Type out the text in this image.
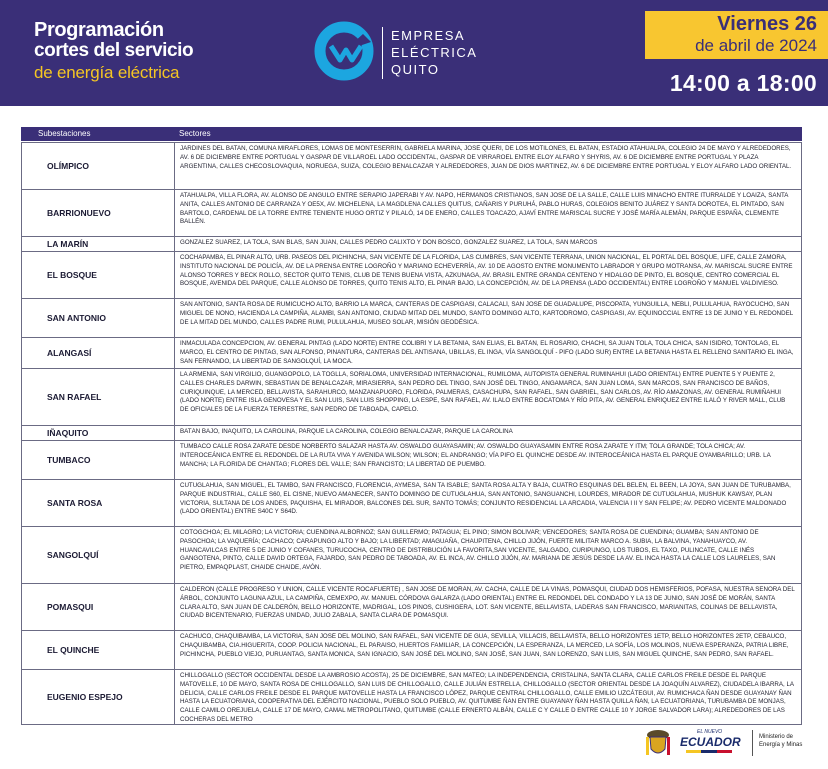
Programación
cortes del servicio
de energía eléctrica
EMPRESA
ELÉCTRICA
QUITO
Viernes 26
de abril de 2024
14:00 a 18:00
Subestaciones	Sectores
OLÍMPICO
JARDINES DEL BATAN, COMUNA MIRAFLORES, LOMAS DE MONTESERRÍN, GABRIELA MARINA, JOSÉ QUERI, DE LOS MOTILONES, EL BATAN, ESTADIO ATAHUALPA, COLEGIO 24 DE MAYO Y ALREDEDORES, AV. 6 DE DICIEMBRE ENTRE PORTUGAL Y GASPAR DE VILLAROEL LADO OCCIDENTAL, GASPAR DE VIRRAROEL ENTRE ELOY ALFARO Y SHYRIS, AV. 6 DE DICIEMBRE ENTRE PORTUGAL Y PLAZA ARGENTINA, CALLES CHECOSLOVAQUIA, NORUEGA, SUIZA, COLEGIO BENALCAZAR Y ALREDEDORES, JUAN DE DIOS MARTINEZ, AV. 6 DE DICIEMBRE ENTRE PORTUGAL Y ELOY ALFARO LADO ORIENTAL.
BARRIONUEVO
ATAHUALPA, VILLA FLORA, AV. ALONSO DE ANGULO ENTRE SERAPIO JAPERABI Y AV. NAPO, HERMANOS CRISTIANOS, SAN JOSÉ DE LA SALLE, CALLE LUIS MINACHO ENTRE ITURRALDE Y LOAIZA, SANTA ANITA, CALLES ANTONIO DE CARRANZA Y OE5X, AV. MICHELENA, LA MAGDLENA CALLES QUITUS, CAÑARIS Y PURUHÁ, PABLO HURAS, COLEGIOS BENITO JUÁREZ Y SANTA DOROTEA, EL PINTADO, SAN BARTOLO, CARDENAL DE LA TORRE ENTRE TENIENTE HUGO ORTIZ Y PILALÓ, 14 DE ENERO, CALLES TOACAZO, AJAVÍ ENTRE MARISCAL SUCRE Y JOSÉ MARÍA ALEMÁN, PARQUE ESPAÑA, CLEMENTE BALLÉN.
LA MARÍN	GONZÁLEZ SUÁREZ, LA TOLA, SAN BLAS, SAN JUAN, CALLES PEDRO CALIXTO Y DON BOSCO, GONZÁLEZ SUÁREZ, LA TOLA, SAN MARCOS
EL BOSQUE
COCHAPAMBA, EL PINAR ALTO, URB. PASEOS DEL PICHINCHA, SAN VICENTE DE LA FLORIDA, LAS CUMBRES, SAN VICENTE TERRANA, UNIÓN NACIONAL, EL PORTAL DEL BOSQUE, LIFE, CALLE ZAMORA, INSTITUTO NACIONAL DE POLICÍA, AV. DE LA PRENSA ENTRE LOGROÑO Y MARIANO ECHEVERRÍA, AV. 10 DE AGOSTO ENTRE MONUMENTO LABRADOR Y GRUPO MOTRANSA, AV. MARISCAL SUCRE ENTRE ALONSO TORRES Y BECK ROLLO, SECTOR QUITO TENIS, CLUB DE TENIS BUENA VISTA, AZKUNAGA, AV. BRASIL ENTRE GRANDA CENTENO Y HIDALGO DE PINTO, EL BOSQUE, CENTRO COMERCIAL EL BOSQUE, AVENIDA DEL PARQUE, CALLE ALONSO DE TORRES, QUITO TENIS ALTO, EL PINAR BAJO, LA CONCEPCIÓN, AV. DE LA PRENSA (LADO OCCIDENTAL) ENTRE LOGROÑO Y MANUEL VALDIVIESO.
SAN ANTONIO
SAN ANTONIO, SANTA ROSA DE RUMICUCHO ALTO, BARRIO LA MARCA, CANTERAS DE CASPIGASI, CALACALÍ, SAN JOSÉ DE GUADALUPE, PISCOPATA, YUNGUILLA, NEBLI, PULULAHUA, RAYOCUCHO, SAN MIGUEL DE NONO, HACIENDA LA CAMPIÑA, ALAMBI, SAN ANTONIO, CIUDAD MITAD DEL MUNDO, SANTO DOMINGO ALTO, KARTODROMO, CASPIGASI, AV. EQUINOCCIAL ENTRE 13 DE JUNIO Y EL REDONDEL DE LA MITAD DEL MUNDO, CALLES PADRE RUMI, PULULAHUA, MUSEO SOLAR, MISIÓN GEODÉSICA.
ALANGASÍ
INMACULADA CONCEPCIÓN, AV. GENERAL PINTAG (LADO NORTE) ENTRE COLIBRÍ Y LA BETANIA, SAN ELIAS, EL BATÁN, EL ROSARIO, CHACHI, SA JUAN TOLA, TOLA CHICA, SAN ISIDRO, TONTOLAG, EL MARCO, EL CENTRO DE PINTAG, SAN ALFONSO, PINANTURA, CANTERAS DEL ANTISANA, UBILLAS, EL INGA, VÍA SANGOLQUÍ - PIFO (LADO SUR) ENTRE LA BETANIA HASTA EL RELLENO SANITARIO EL INGA, SAN FERNANDO, LA LIBERTAD DE SANGOLQUÍ, LA MOCA.
SAN RAFAEL
LA ARMENIA, SAN VIRGILIO, GUANGOPOLO, LA TOGLLA, SORIALOMA, UNIVERSIDAD INTERNACIONAL, RUMILOMA, AUTOPISTA GENERAL RUMIÑAHUI (LADO ORIENTAL) ENTRE PUENTE 5 Y PUENTE 2, CALLES CHARLES DARWIN, SEBASTIAN DE BENALCAZAR, MIRASIERRA, SAN PEDRO DEL TINGO, SAN JOSÉ DEL TINGO, ANGAMARCA, SAN JUAN LOMA, SAN MARCOS, SAN FRANCISCO DE BAÑOS, CURIQUINQUE, LA MERCED, BELLAVISTA, SARAHURCO, MANZANAPUGRO, FLORIDA, PALMERAS, CASACHUPA, SAN RAFAEL, SAN GABRIEL, SAN CARLOS, AV. RÍO AMAZONAS, AV. GENERAL RUMIÑAHUI (LADO NORTE) ENTRE ISLA GENOVESA Y EL SAN LUIS, SAN LUIS SHOPPING, LA ESPE, SAN RAFAEL, AV. ILALO ENTRE BOCATOMA Y RÍO PITA, AV. GENERAL ENRIQUEZ ENTRE ILALÓ Y RIVER MALL, CLUB DE OFICIALES DE LA FUERZA TERRESTRE, SAN PEDRO DE TABOADA, CAPELO.
IÑAQUITO	BATÁN BAJO, IÑAQUITO, LA CAROLINA, PARQUE LA CAROLINA, COLEGIO BENALCAZAR, PARQUE LA CAROLINA
TUMBACO
TUMBACO CALLE ROSA ZARATE DESDE NORBERTO SALAZAR HASTA AV. OSWALDO GUAYASAMÍN; AV. OSWALDO GUAYASAMÍN ENTRE ROSA ZARATE Y ITM; TOLA GRANDE; TOLA CHICA; AV. INTEROCEÁNICA ENTRE EL REDONDEL DE LA RUTA VIVA Y AVENIDA WILSON; WILSON; EL ANDRANGO; VÍA PIFO EL QUINCHE DESDE AV. INTEROCEÁNICA HASTA EL PARQUE OYAMBARILLO; URB. LA MANCHA; LA FLORIDA DE CHANTAG; FLORES DEL VALLE; SAN FRANCISTO; LA LIBERTAD DE PUEMBO.
SANTA ROSA
CUTUGLAHUA, SAN MIGUEL, EL TAMBO, SAN FRANCISCO, FLORENCIA, AYMESA, SAN TA ISABLE; SANTA ROSA ALTA Y BAJA, CUATRO ESQUINAS DEL BELÉN, EL BEÉN, LA JOYA, SAN JUAN DE TURUBAMBA, PARQUE INDUSTRIAL, CALLE S60, EL CISNE, NUEVO AMANECER, SANTO DOMINGO DE CUTUGLAHUA, SAN ANTONIO, SANGUANCHI, LOURDES, MIRADOR DE CUTUGLAHUA, MUSHUK KAWSAY, PLAN VICTORIA, SULTANA DE LOS ANDES, PAQUISHA, EL MIRADOR, BALCONES DEL SUR, SANTO TOMÁS; CONJUNTO RESIDENCIAL LA ARCADIA, VALENCIA I II Y SAN FELIPE; AV. PEDRO VICENTE MALDONADO (LADO ORIENTAL) ENTRE S40C Y S64D.
SANGOLQUÍ
COTOGCHOA; EL MILAGRO; LA VICTORIA; CUENDINA ALBORNOZ; SAN GUILLERMO; PATAGUA; EL PINO; SIMÓN BOLÍVAR; VENCEDORES; SANTA ROSA DE CUENDINA; GUAMBA; SAN ANTONIO DE PASOCHOA; LA VAQUERÍA; CACHACO; CARAPUNGO ALTO Y BAJO; LA LIBERTAD; AMAGUAÑA, CHAUPITENA, CHILLO JIJÓN, FUERTE MILITAR MARCO A. SUBIA, LA BALVINA, YANAHUAYCO, AV. HUANCAVILCAS ENTRE 5 DE JUNIO Y COFANES, TURUCOCHA, CENTRO DE DISTRIBUCIÓN LA FAVORITA,SAN VICENTE, SALGADO, CURIPUNGO, LOS TUBOS, EL TAXO, PULINCATE, CALLE INÉS GANGOTENA, PINTO, CALLE DAVID ORTEGA, FAJARDO, SAN PEDRO DE TABOADA, AV. EL INCA, AV. CHILLO JIJÓN, AV. MARIANA DE JESÚS DESDE LA AV. EL INCA HASTA LA CALLE LOS LAURELES, SAN PIETRO, EMPAQPLAST, CHAIDE CHAIDE, AVÓN.
POMASQUI
CALDERÓN (CALLE PROGRESO Y UNIÓN, CALLE VICENTE ROCAFUERTE) , SAN JOSÉ DE MORÁN, AV. CACHA, CALLE DE LA VIÑAS, POMASQUI, CIUDAD DOS HEMISFERIOS, POFASA, NUESTRA SEÑORA DEL ÁRBOL, CONJUNTO LAGUNA AZUL, LA CAMPIÑA, CEMEXPO, AV. MANUEL CÓRDOVA GALARZA (LADO ORIENTAL) ENTRE EL REDONDEL DEL CONDADO Y LA 13 DE JUNIO, SAN JOSÉ DE MORÁN, SANTA CLARA ALTO, SAN JUAN DE CALDERÓN, BELLO HORIZONTE, MADRIGAL, LOS PINOS, CUSHIGERA, LOT. SAN VICENTE, BELLAVISTA, LADERAS SAN FRANCISCO, MARIANITAS, COLINAS DE BELLAVISTA, CIUDAD BICENTENARIO, FUERZAS UNIDAD, JULIO ZABALA, SANTA CLARA DE POMASQUI.
EL QUINCHE
CACHUCO, CHAQUIBAMBA, LA VICTORIA, SAN JOSÉ DEL MOLINO, SAN RAFAEL, SAN VICENTE DE GUA, SEVILLA, VILLACIS, BELLAVISTA, BELLO HORIZONTES 1ETP, BELLO HORIZONTES 2ETP, CEBAUCO, CHAQUIBAMBA, CIA.HIGUERITA, COOP. POLICIA NACIONAL, EL PARAISO, HUERTOS FAMILIAR, LA CONCEPCIÓN, LA ESPERANZA, LA MERCED, LA SOFÍA, LOS MOLINOS, NUEVA ESPERANZA, PATRIA LIBRE, PICHINCHA, PUEBLO VIEJO, PURUANTAG, SANTA MONICA, SAN IGNACIO, SAN JOSÉ DEL MOLINO, SAN JOSÉ, SAN JUAN, SAN LORENZO, SAN LUIS, SAN MIGUEL QUINCHE, SAN PEDRO, SAN RAFAEL.
EUGENIO ESPEJO
CHILLOGALLO (SECTOR OCCIDENTAL DESDE LA AMBROSIO ACOSTA), 25 DE DICIEMBRE, SAN MATEO; LA INDEPENDENCIA, CRISTALINA, SANTA CLARA, CALLE CARLOS FREILE DESDE EL PARQUE MATOVELLE, 10 DE MAYO, SANTA ROSA DE CHILLOGALLO, SAN LUIS DE CHILLOGALLO, CALLE JULIÁN ESTRELLA, CHILLOGALLO (SECTOR ORIENTAL DESDE LA JOAQUÍN ALVAREZ), CIUDADELA IBARRA, LA DELICIA, CALLE CARLOS FREILE DESDE EL PARQUE MATOVELLE HASTA LA FRANCISCO LÓPEZ, PARQUE CENTRAL CHILLOGALLO, CALLE EMILIO UZCÁTEGUI, AV. RUMICHACA ÑAN DESDE GUAYANAY ÑAN HASTA LA ECUATORIANA, COOPERATIVA DEL EJÉRCITO NACIONAL, PUEBLO SOLO PUEBLO, AV. QUITUMBE ÑAN ENTRE GUAYANAY ÑAN HASTA QUILLA ÑAN, LA ECUATORIANA, TURUBAMBA DE MONJAS, CALLE CAMILO OREJUELA, CALLE 17 DE MAYO, CAMAL METROPOLITANO, QUITUMBE (CALLE ERNERTO ALBÁN, CALLE C Y CALLE D ENTRE CALLE 10 Y JORGE SALVADOR LARA); ALREDEDORES DE LAS COCHERAS DEL METRO
EL NUEVO
ECUADOR	Ministerio de
Energía y Minas
